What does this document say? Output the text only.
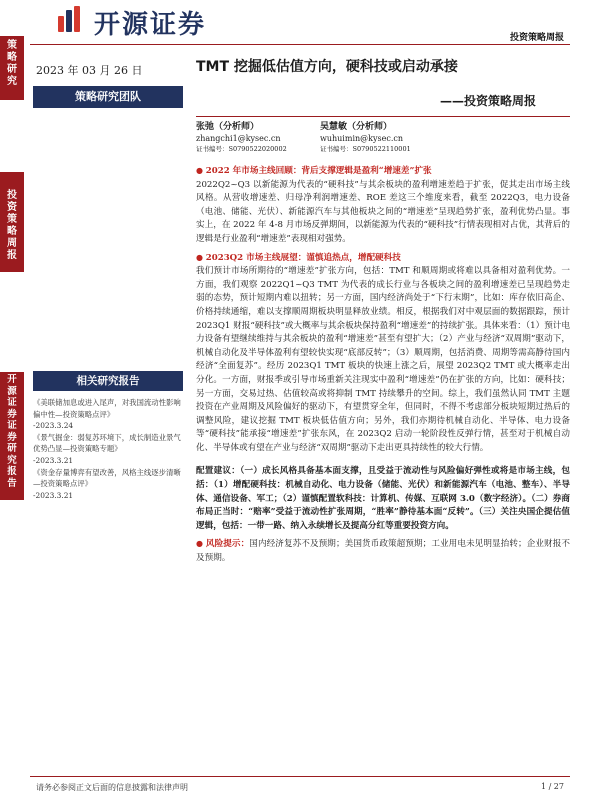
开源证券	投资策略周报
策略研究
投资策略周报
开源证券 证券研究报告
2023 年 03 月 26 日
策略研究团队
TMT 挖掘低估值方向，硬科技或启动承接
——投资策略周报
张弛（分析师）
zhangchi1@kysec.cn
证书编号：S0790522020002
吴慧敏（分析师）
wuhuimin@kysec.cn
证书编号：S0790522110001

● 2022 年市场主线回顾：背后支撑逻辑是盈利“增速差”扩张

2022Q2~Q3 以新能源为代表的“硬科技”与其余板块的盈利增速差趋于扩张，促其走出市场主线风格。从营收增速差、归母净利润增速差、ROE 差这三个维度来看，截至 2022Q3，电力设备（电池、储能、光伏）、新能源汽车与其他板块之间的“增速差”呈现趋势扩张，盈利优势凸显。事实上，在 2022 年 4-8 月市场反弹期间，以新能源为代表的“硬科技”行情表现相对占优，其背后的逻辑是行业盈利“增速差”表现相对强势。

● 2023Q2 市场主线展望：谨慎追热点，增配硬科技

我们预计市场所期待的“增速差”扩张方向，包括：TMT 和顺周期或将难以具备相对盈利优势。一方面，我们观察 2022Q1~Q3 TMT 为代表的成长行业与各板块之间的盈利增速差已呈现趋势走弱的态势，预计短期内难以扭转；另一方面，国内经济尚处于“下行末期”，比如：库存依旧高企、价格持续通缩，难以支撑顺周期板块明显释放业绩。相反，根据我们对中观层面的数据跟踪，预计 2023Q1 财报“硬科技”或大概率与其余板块保持盈利“增速差”的持续扩张。具体来看：（1）预计电力设备有望继续维持与其余板块的盈利“增速差”甚至有望扩大；（2）产业与经济“双周期”驱动下，机械自动化及半导体盈利有望较快实现“底部反转”；（3）顺周期，包括消费、周期等需高静待国内经济“全面复苏”。经历 2023Q1 TMT 板块的快速上涨之后，展望 2023Q2 TMT 或大概率走出分化。一方面，财报季或引导市场重新关注现实中盈利“增速差”仍在扩张的方向，比如：硬科技；另一方面，交易过热、估值较高或将抑制 TMT 持续攀升的空间。综上，我们虽然认同 TMT 主题投资在产业周期及风险偏好的驱动下，有望贯穿全年，但同时，不得不考虑部分板块短期过热后的调整风险，建议挖掘 TMT 板块低估值方向；另外，我们亦期待机械自动化、半导体、电力设备等“硬科技”能承接“增速差”扩张东风，在 2023Q2 启动一轮阶段性反弹行情，甚至对于机械自动化、半导体或有望在产业与经济“双周期”驱动下走出更具持续性的较大行情。

配置建议：（一）成长风格具备基本面支撑，且受益于流动性与风险偏好弹性或将是市场主线，包括：（1）增配硬科技：机械自动化、电力设备（储能、光伏）和新能源汽车（电池、整车）、半导体、通信设备、军工；（2）谨慎配置软科技：计算机、传媒、互联网 3.0（数字经济）。（二）券商布局正当时：“赔率”受益于流动性扩张周期，“胜率”静待基本面“反转”。（三）关注央国企提估值逻辑，包括：一带一路、纳入永续增长及提高分红等重要投资方向。

● 风险提示：国内经济复苏不及预期；美国货币政策超预期；工业用电未见明显抬转；企业财报不及预期。

相关研究报告
《美联储加息或进入尾声，对我国流动性影响偏中性—投资策略点评》
-2023.3.24
《景气掘金：弱复苏环境下，成长制造业景气优势凸显—投资策略专题》
-2023.3.21
《资金存量博弈有望改善，风格主线逐步清晰—投资策略点评》
-2023.3.21
请务必参阅正文后面的信息披露和法律声明	1 / 27
